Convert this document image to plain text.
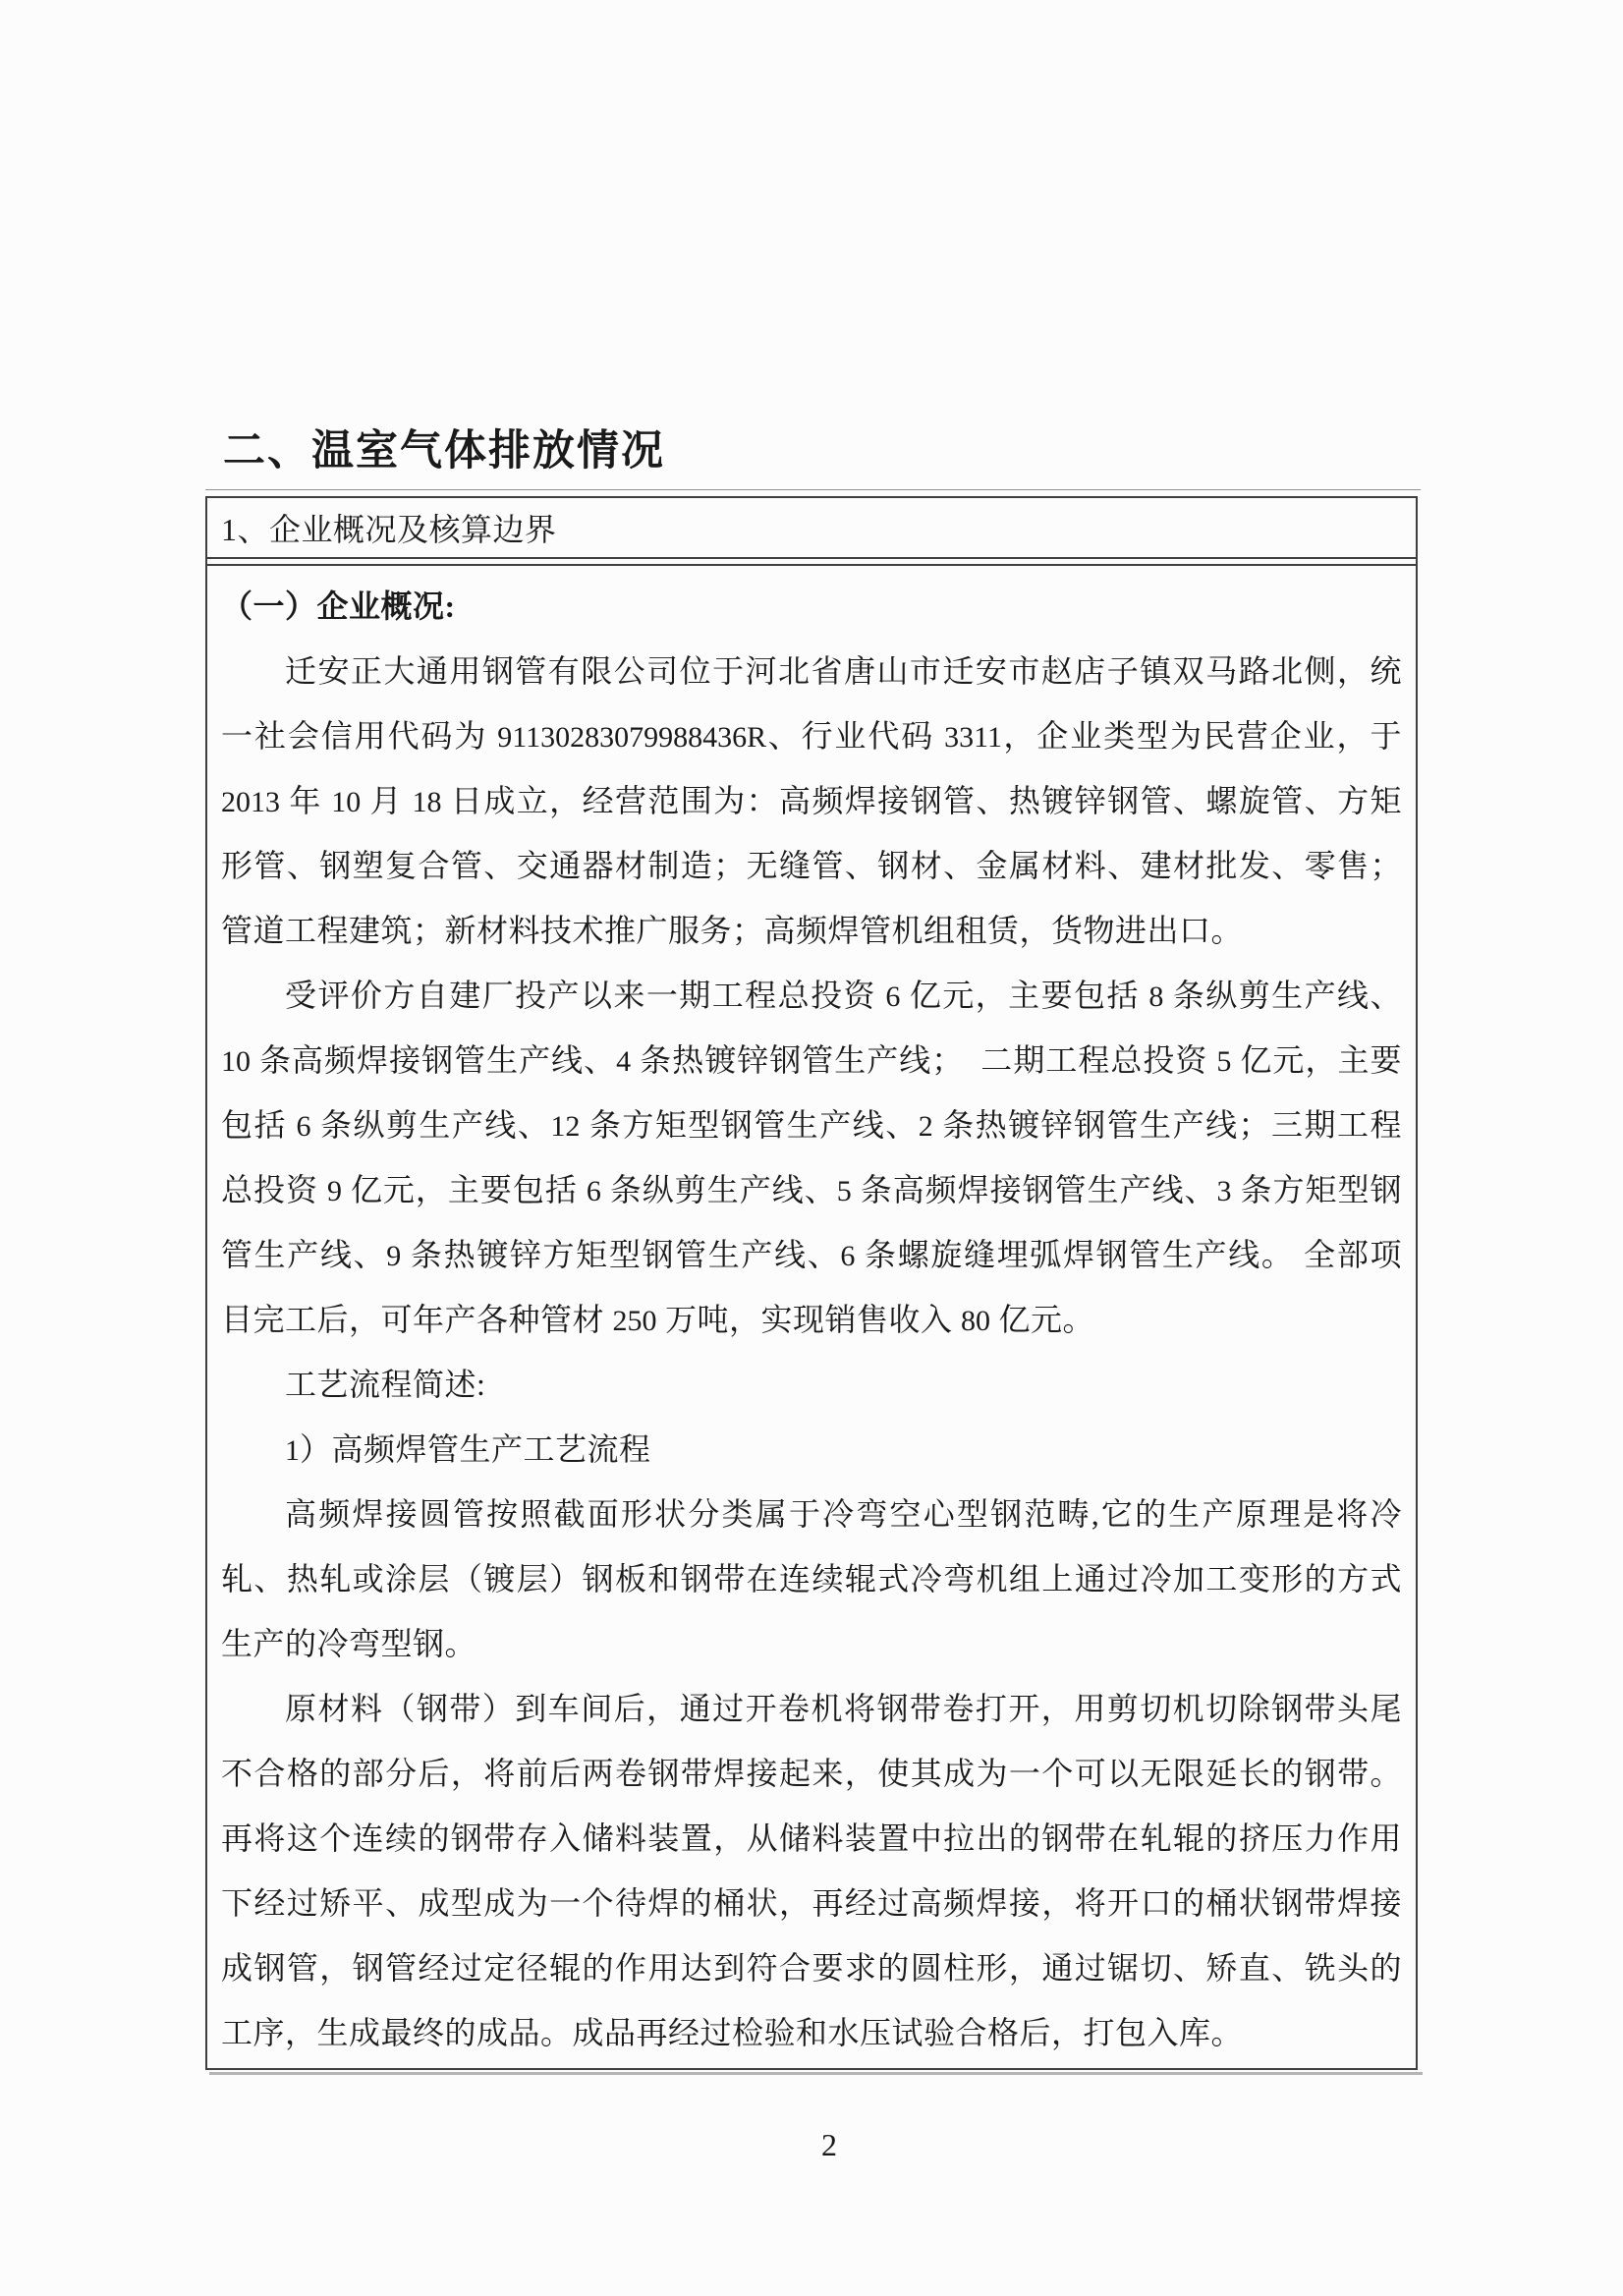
二、温室气体排放情况
1、企业概况及核算边界
（一）企业概况:
迁安正大通用钢管有限公司位于河北省唐山市迁安市赵店子镇双马路北侧，统
一社会信用代码为 91130283079988436R、行业代码 3311，企业类型为民营企业，于
2013 年 10 月 18 日成立，经营范围为：高频焊接钢管、热镀锌钢管、螺旋管、方矩
形管、钢塑复合管、交通器材制造；无缝管、钢材、金属材料、建材批发、零售；
管道工程建筑；新材料技术推广服务；高频焊管机组租赁，货物进出口。
受评价方自建厂投产以来一期工程总投资 6 亿元，主要包括 8 条纵剪生产线、
10 条高频焊接钢管生产线、4 条热镀锌钢管生产线；　二期工程总投资 5 亿元，主要
包括 6 条纵剪生产线、12 条方矩型钢管生产线、2 条热镀锌钢管生产线；三期工程
总投资 9 亿元，主要包括 6 条纵剪生产线、5 条高频焊接钢管生产线、3 条方矩型钢
管生产线、9 条热镀锌方矩型钢管生产线、6 条螺旋缝埋弧焊钢管生产线。 全部项
目完工后，可年产各种管材 250 万吨，实现销售收入 80 亿元。
工艺流程简述:
1）高频焊管生产工艺流程
高频焊接圆管按照截面形状分类属于冷弯空心型钢范畴,它的生产原理是将冷
轧、热轧或涂层（镀层）钢板和钢带在连续辊式冷弯机组上通过冷加工变形的方式
生产的冷弯型钢。
原材料（钢带）到车间后，通过开卷机将钢带卷打开，用剪切机切除钢带头尾
不合格的部分后，将前后两卷钢带焊接起来，使其成为一个可以无限延长的钢带。
再将这个连续的钢带存入储料装置，从储料装置中拉出的钢带在轧辊的挤压力作用
下经过矫平、成型成为一个待焊的桶状，再经过高频焊接，将开口的桶状钢带焊接
成钢管，钢管经过定径辊的作用达到符合要求的圆柱形，通过锯切、矫直、铣头的
工序，生成最终的成品。成品再经过检验和水压试验合格后，打包入库。
2
